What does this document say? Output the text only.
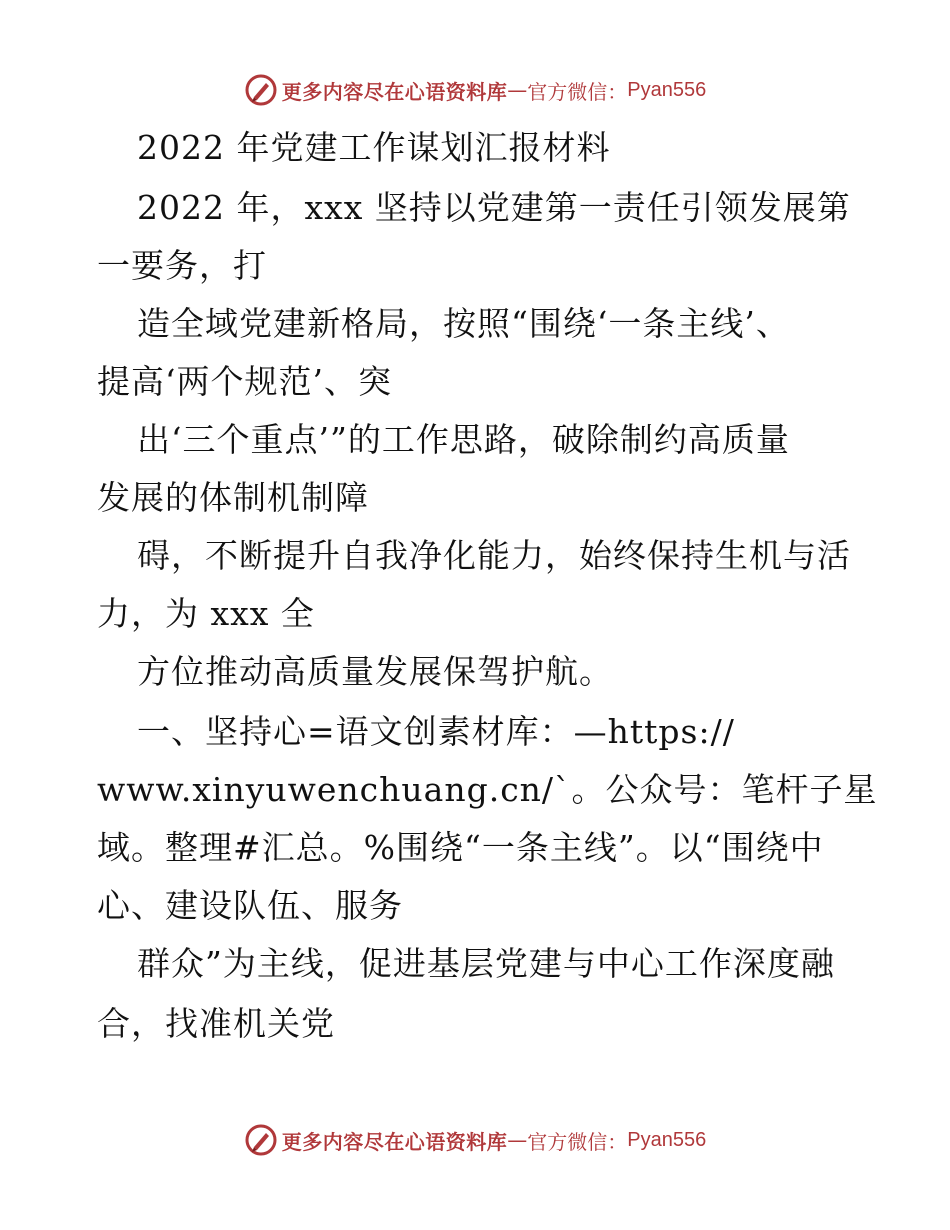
更多内容尽在心语资料库 — 官方微信： Pyan556
2022 年党建工作谋划汇报材料
2022 年，xxx 坚持以党建第一责任引领发展第
一要务，打
造全域党建新格局，按照“围绕‘一条主线’、
提高‘两个规范’、突
出‘三个重点’”的工作思路，破除制约高质量
发展的体制机制障
碍，不断提升自我净化能力，始终保持生机与活
力，为 xxx 全
方位推动高质量发展保驾护航。
一、坚持心=语文创素材库：—https://
www.xinyuwenchuang.cn/`。公众号：笔杆子星
域。整理#汇总。%围绕“一条主线”。以“围绕中
心、建设队伍、服务
群众”为主线，促进基层党建与中心工作深度融
合，找准机关党
更多内容尽在心语资料库 — 官方微信： Pyan556
